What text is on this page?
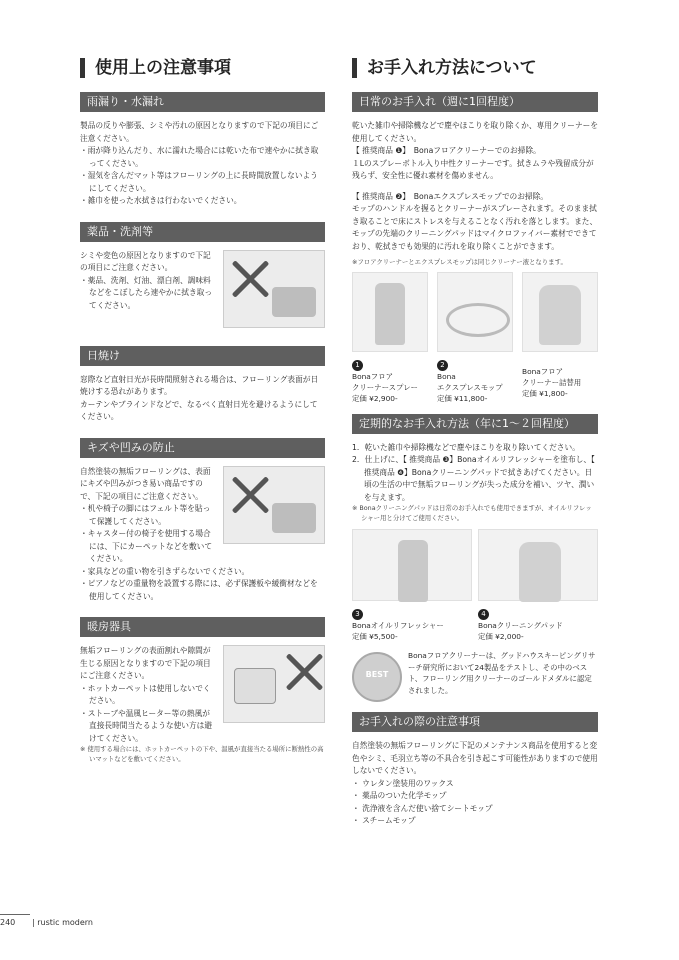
使用上の注意事項
雨漏り・水漏れ

製品の反りや膨張、シミや汚れの原因となりますので下記の項目にご注意ください。

・雨が降り込んだり、水に濡れた場合には乾いた布で速やかに拭き取ってください。
・湿気を含んだマット等はフローリングの上に長時間放置しないようにしてください。
・雑巾を使った水拭きは行わないでください。
薬品・洗剤等

シミや変色の原因となりますので下記の項目にご注意ください。

・薬品、洗剤、灯油、漂白剤、調味料などをこぼしたら速やかに拭き取ってください。
日焼け

窓際など直射日光が長時間照射される場合は、フローリング表面が日焼けする恐れがあります。

カーテンやブラインドなどで、なるべく直射日光を避けるようにしてください。

キズや凹みの防止

自然塗装の無垢フローリングは、表面にキズや凹みがつき易い商品ですので、下記の項目にご注意ください。

・机や椅子の脚にはフェルト等を貼って保護してください。
・キャスター付の椅子を使用する場合には、下にカーペットなどを敷いてください。
・家具などの重い物を引きずらないでください。
・ピアノなどの重量物を設置する際には、必ず保護板や緩衝材などを使用してください。
暖房器具

無垢フローリングの表面割れや隙間が生じる原因となりますので下記の項目にご注意ください。

・ホットカーペットは使用しないでください。
・ストーブや温風ヒーター等の熱風が直接長時間当たるような使い方は避けてください。

※ 使用する場合には、ホットカーペットの下や、温風が直接当たる場所に断熱性の高いマットなどを敷いてください。

お手入れ方法について
日常のお手入れ（週に1回程度）

乾いた雑巾や掃除機などで塵やほこりを取り除くか、専用クリーナーを使用してください。

【 推奨商品 ❶】　Bonaフロアクリーナーでのお掃除。

１Lのスプレーボトル入り中性クリーナーです。拭きムラや残留成分が残らず、安全性に優れ素材を傷めません。

【 推奨商品 ❷】　Bonaエクスプレスモップでのお掃除。

モップのハンドルを握るとクリーナーがスプレーされます。そのまま拭き取ることで床にストレスを与えることなく汚れを落とします。また、モップの先端のクリーニングパッドはマイクロファイバー素材でできており、乾拭きでも効果的に汚れを取り除くことができます。

※フロアクリーナーとエクスプレスモップは同じクリーナー液となります。

1
Bonaフロア
クリーナースプレー
定価 ¥2,900-
2
Bona
エクスプレスモップ
定価 ¥11,800-
Bonaフロア
クリーナー詰替用
定価 ¥1,800-
定期的なお手入れ方法（年に1～２回程度）
1．乾いた雑巾や掃除機などで塵やほこりを取り除いてください。
2．仕上げに、【 推奨商品 ❸】Bonaオイルリフレッシャーを塗布し、【 推奨商品 ❹】Bonaクリーニングパッドで拭きあげてください。日頃の生活の中で無垢フローリングが失った成分を補い、ツヤ、潤いを与えます。

※ Bonaクリーニングパッドは日常のお手入れでも使用できますが、オイルリフレッシャー用と分けてご使用ください。

3
Bonaオイルリフレッシャー
定価 ¥5,500-
4
Bonaクリーニングパッド
定価 ¥2,000-
BEST

Bonaフロアクリーナーは、グッドハウスキーピングリサーチ研究所において24製品をテストし、その中のベスト、フローリング用クリーナーのゴールドメダルに認定されました。

お手入れの際の注意事項

自然塗装の無垢フローリングに下記のメンテナンス商品を使用すると変色やシミ、毛羽立ち等の不具合を引き起こす可能性がありますので使用しないでください。

・ ウレタン塗装用のワックス
・ 薬品のついた化学モップ
・ 洗浄液を含んだ使い捨てシートモップ
・ スチームモップ
240	| rustic modern
